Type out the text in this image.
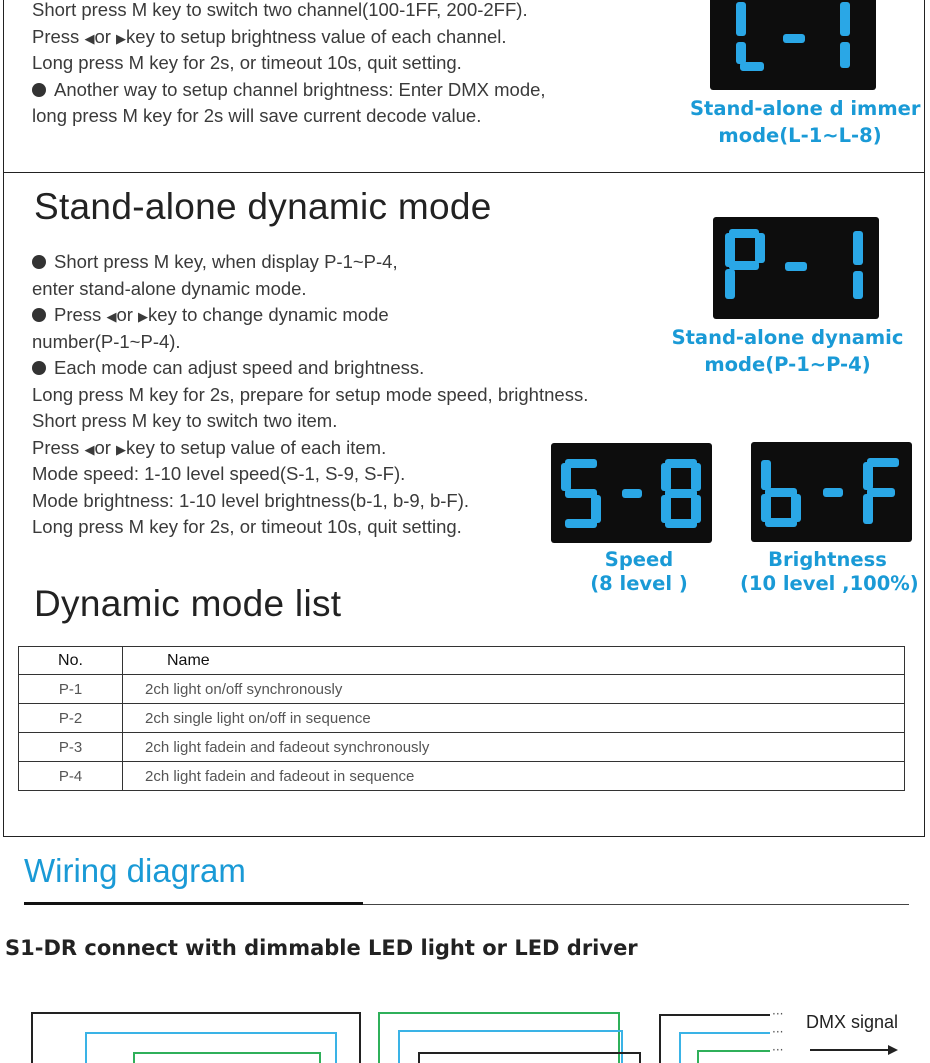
Short press M key to switch two channel(100-1FF, 200-2FF).
Press ◀or ▶key to setup brightness value of each channel.
Long press M key for 2s, or timeout 10s, quit setting.
Another way to setup channel brightness: Enter DMX mode,
long press M key for 2s will save current decode value.	Stand-alone d immer
mode(L-1~L-8)
Stand-alone dynamic mode
Short press M key, when display P-1~P-4,
enter stand-alone dynamic mode.
Press ◀or ▶key to change dynamic mode
number(P-1~P-4).
Each mode can adjust speed and brightness.
Long press M key for 2s, prepare for setup mode speed, brightness.
Short press M key to switch two item.
Press ◀or ▶key to setup value of each item.
Mode speed: 1-10 level speed(S-1, S-9, S-F).
Mode brightness: 1-10 level brightness(b-1, b-9, b-F).
Long press M key for 2s, or timeout 10s, quit setting.
Stand-alone dynamic
mode(P-1~P-4)
Speed
(8 level )
Brightness
(10 level ,100%)
Dynamic mode list
No.	Name
P-1	2ch light on/off synchronously
P-2	2ch single light on/off in sequence
P-3	2ch light fadein and fadeout synchronously
P-4	2ch light fadein and fadeout in sequence
Wiring diagram
S1-DR connect with dimmable LED light or LED driver
···
···
···
DMX signal
